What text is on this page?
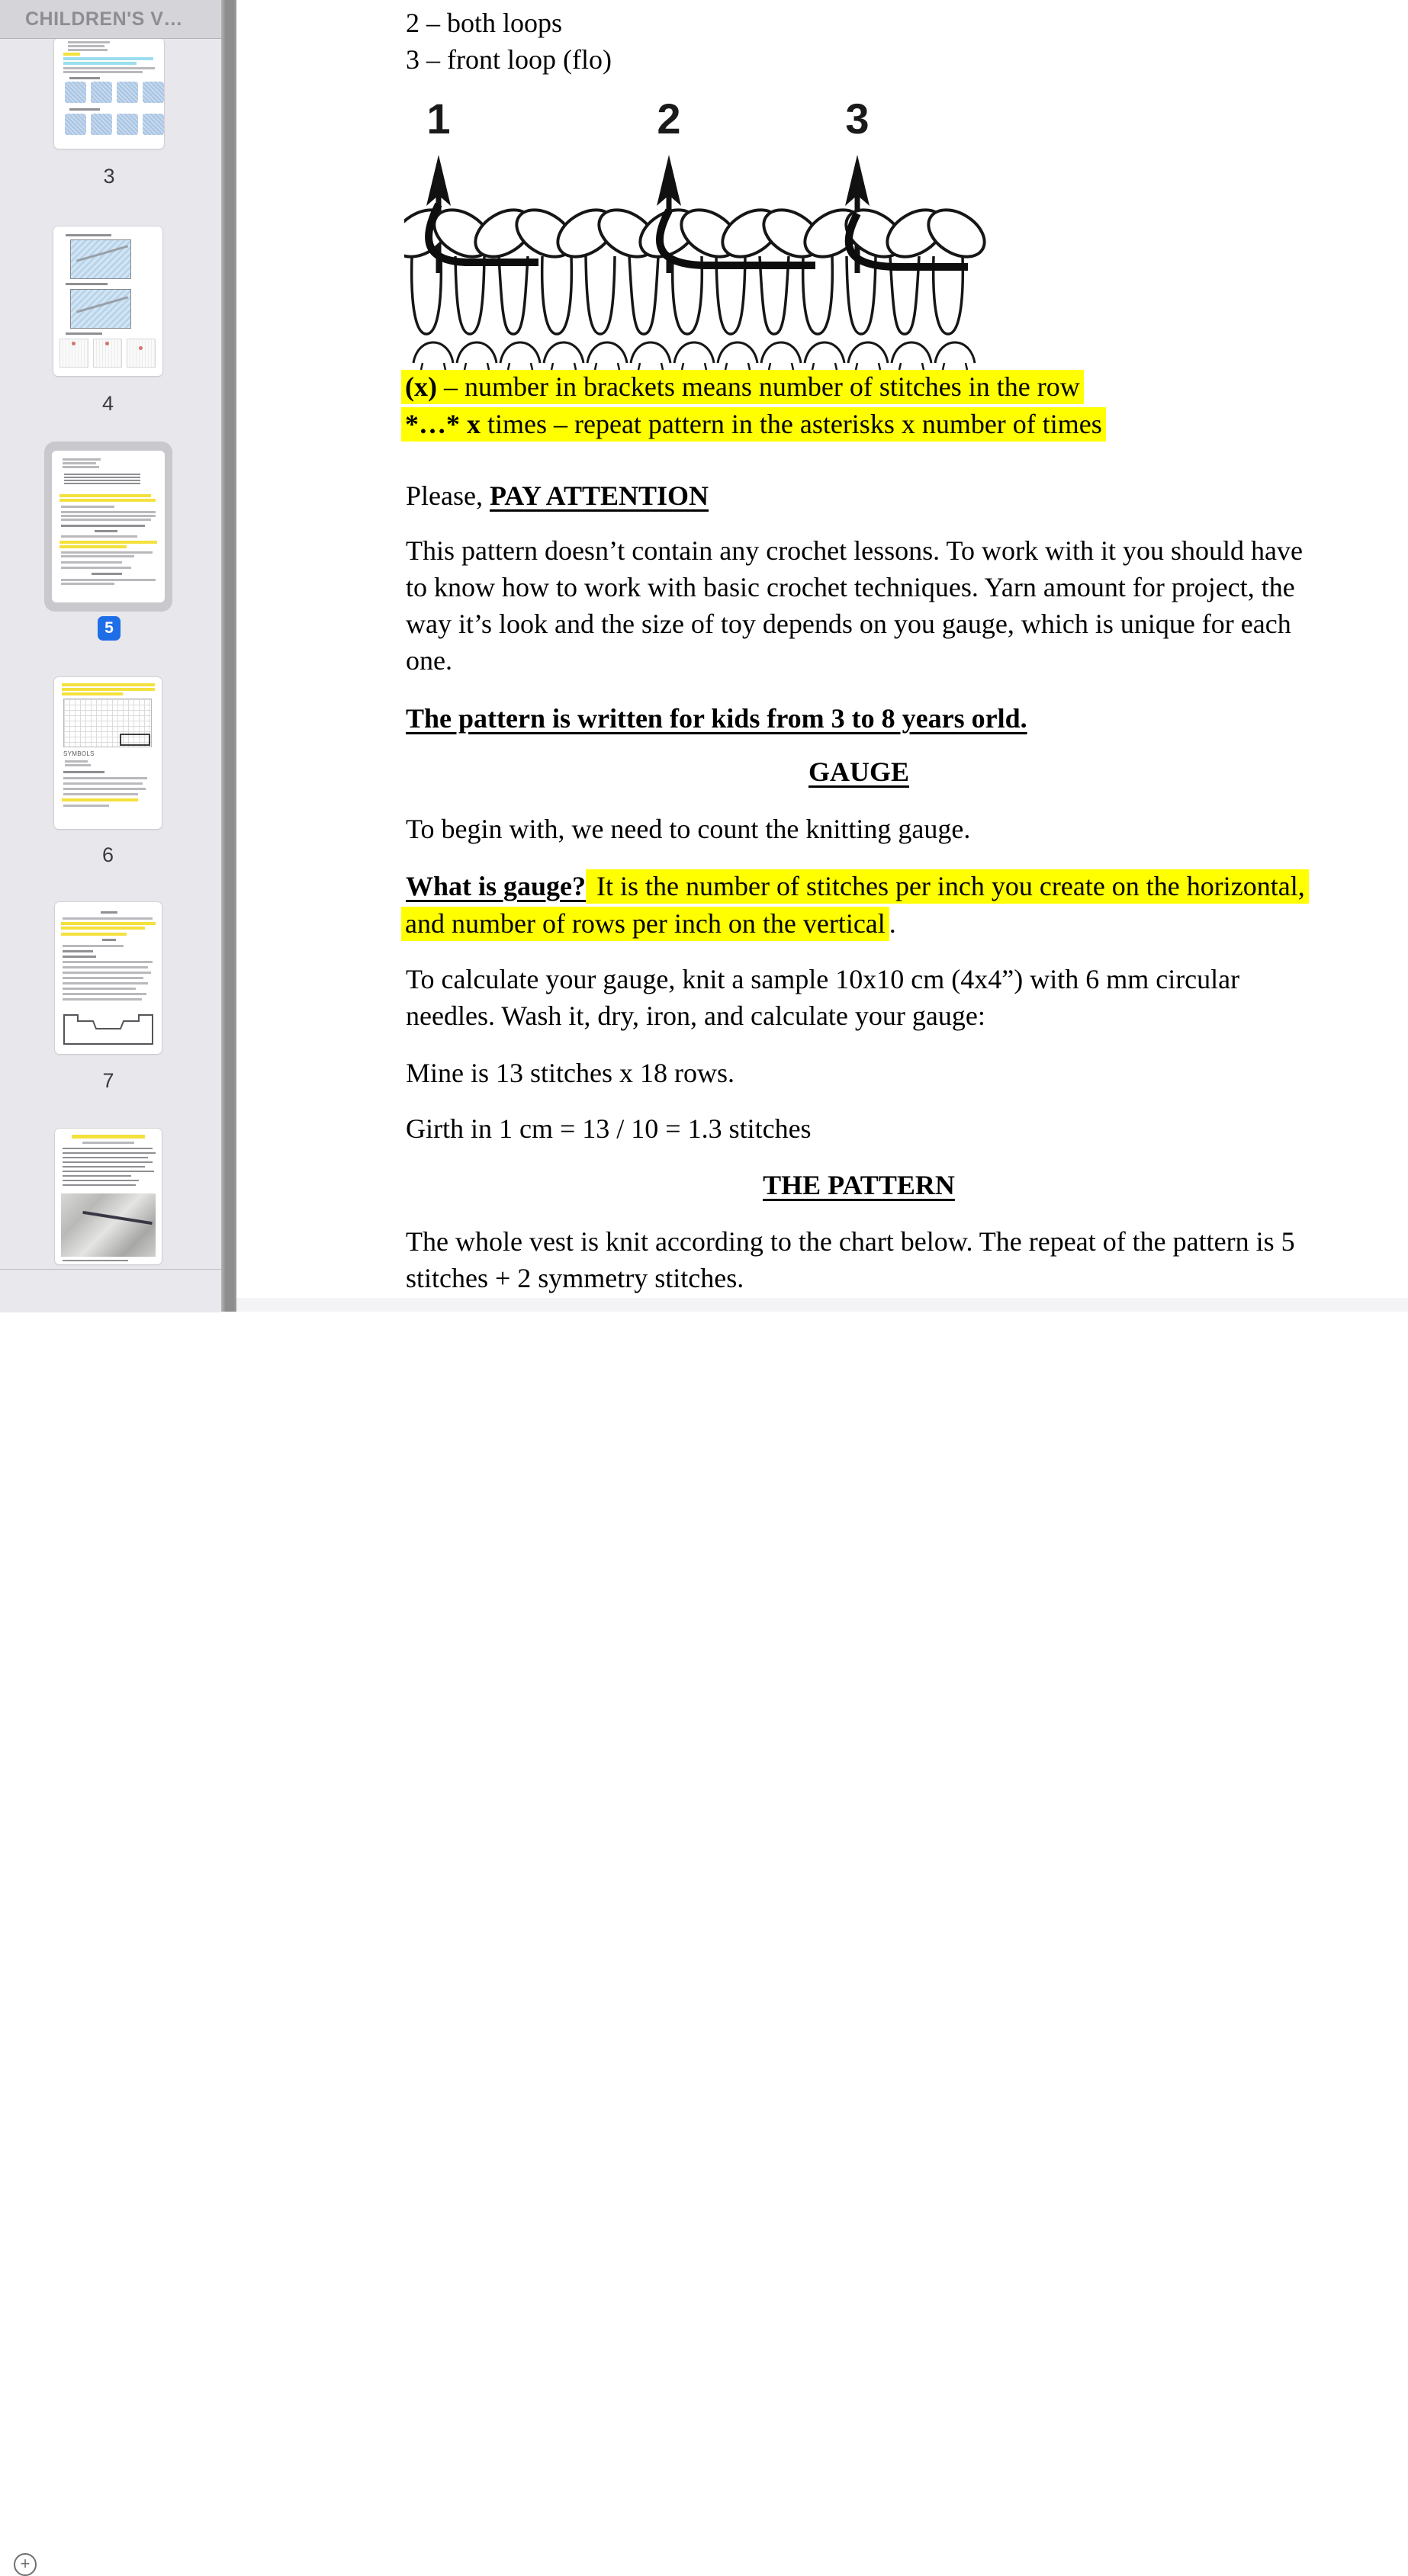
3
4
5
SYMBOLS
6
7
+
CHILDREN'S V…	2 – both loops
3 – front loop (flo)
1	2	3
(x) – number in brackets means number of stitches in the row
*…* x times – repeat pattern in the asterisks x number of times
Please, PAY ATTENTION
This pattern doesn’t contain any crochet lessons. To work with it you should have
to know how to work with basic crochet techniques. Yarn amount for project, the
way it’s look and the size of toy depends on you gauge, which is unique for each
one.
The pattern is written for kids from 3 to 8 years orld.
GAUGE
To begin with, we need to count the knitting gauge.
What is gauge? It is the number of stitches per inch you create on the horizontal,
and number of rows per inch on the vertical .
To calculate your gauge, knit a sample 10x10 cm (4x4”) with 6 mm circular
needles. Wash it, dry, iron, and calculate your gauge:
Mine is 13 stitches x 18 rows.
Girth in 1 cm = 13 / 10 = 1.3 stitches
THE PATTERN
The whole vest is knit according to the chart below. The repeat of the pattern is 5
stitches + 2 symmetry stitches.
